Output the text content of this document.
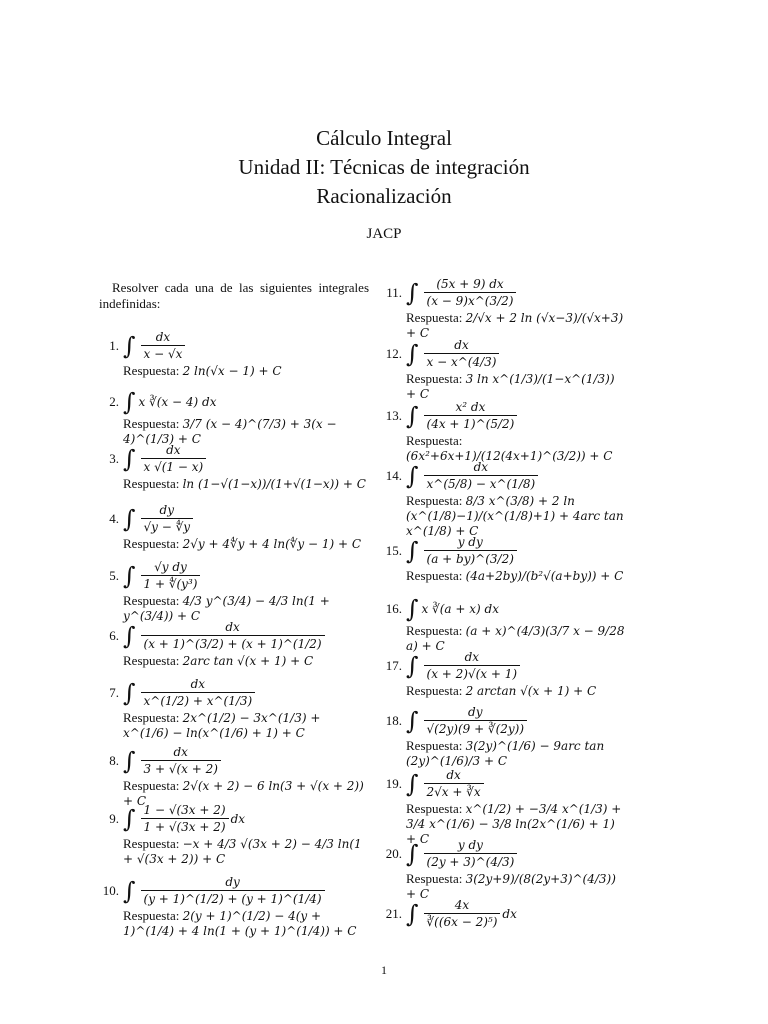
Cálculo Integral
Unidad II: Técnicas de integración
Racionalización
JACP
Resolver cada una de las siguientes integrales indefinidas:
1. ∫ $\frac{dx}{x - √x}$
Respuesta: 2 ln(√x − 1) + C
2. ∫ x ∛(x − 4) dx
Respuesta: 3/7 (x − 4)^(7/3) + 3(x − 4)^(1/3) + C
3. ∫ $\frac{dx}{x √(1 - x)}$
Respuesta: ln (1−√(1−x))/(1+√(1−x)) + C
4. ∫ $\frac{dy}{√y - ∜y}$
Respuesta: 2√y + 4∜y + 4 ln(∜y − 1) + C
5. ∫ $\frac{\text{√y dy}}{\text{1 + ∜(y³)}}$
Respuesta: 4/3 y^(3/4) − 4/3 ln(1 + y^(3/4)) + C
6. ∫ $\frac{dx}{(x + 1)\^{}(3/2) + (x + 1)\^{}(1/2)}$
Respuesta: 2arc tan √(x + 1) + C
7. ∫ $\frac{dx}{x\^{}(1/2) + x\^{}(1/3)}$
Respuesta: 2x^(1/2) − 3x^(1/3) + x^(1/6) − ln(x^(1/6) + 1) + C
8. ∫ $\frac{dx}{3 + √(x + 2)}$
Respuesta: 2√(x + 2) − 6 ln(3 + √(x + 2)) + C
9. ∫ $\frac{1 - √(3x + 2)}{1 + √(3x + 2)}$ dx
Respuesta: −x + 4/3 √(3x + 2) − 4/3 ln(1 + √(3x + 2)) + C
10. ∫ $\frac{dy}{(y + 1)\^{}(1/2) + (y + 1)\^{}(1/4)}$
Respuesta: 2(y + 1)^(1/2) − 4(y + 1)^(1/4) + 4 ln(1 + (y + 1)^(1/4)) + C
11. ∫ $\frac{(5x + 9) dx}{(x - 9)x\^{}(3/2)}$
Respuesta: 2/√x + 2 ln (√x−3)/(√x+3) + C
12. ∫ $\frac{dx}{x - x\^{}(4/3)}$
Respuesta: 3 ln x^(1/3)/(1−x^(1/3)) + C
13. ∫ $\frac{\text{x² dx}}{(4x + 1)\^{}(5/2)}$
Respuesta: (6x²+6x+1)/(12(4x+1)^(3/2)) + C
14. ∫ $\frac{dx}{x\^{}(5/8) - x\^{}(1/8)}$
Respuesta: 8/3 x^(3/8) + 2 ln (x^(1/8)−1)/(x^(1/8)+1) + 4arc tan x^(1/8) + C
15. ∫ $\frac{\text{y dy}}{(a + by)\^{}(3/2)}$
Respuesta: (4a+2by)/(b²√(a+by)) + C
16. ∫ x ∛(a + x) dx
Respuesta: (a + x)^(4/3)(3/7 x − 9/28 a) + C
17. ∫ $\frac{dx}{(x + 2)√(x + 1)}$
Respuesta: 2 arctan √(x + 1) + C
18. ∫ $\frac{dy}{√(2y)(9 + ∛(2y))}$
Respuesta: 3(2y)^(1/6) − 9arc tan (2y)^(1/6)/3 + C
19. ∫ $\frac{dx}{2√x + ∛x}$
Respuesta: x^(1/2) + −3/4 x^(1/3) + 3/4 x^(1/6) − 3/8 ln(2x^(1/6) + 1) + C
20. ∫ $\frac{\text{y dy}}{(2y + 3)\^{}(4/3)}$
Respuesta: 3(2y+9)/(8(2y+3)^(4/3)) + C
21. ∫ $\frac{4x}{\text{∛((6x − 2)⁵)}}$ dx
1
